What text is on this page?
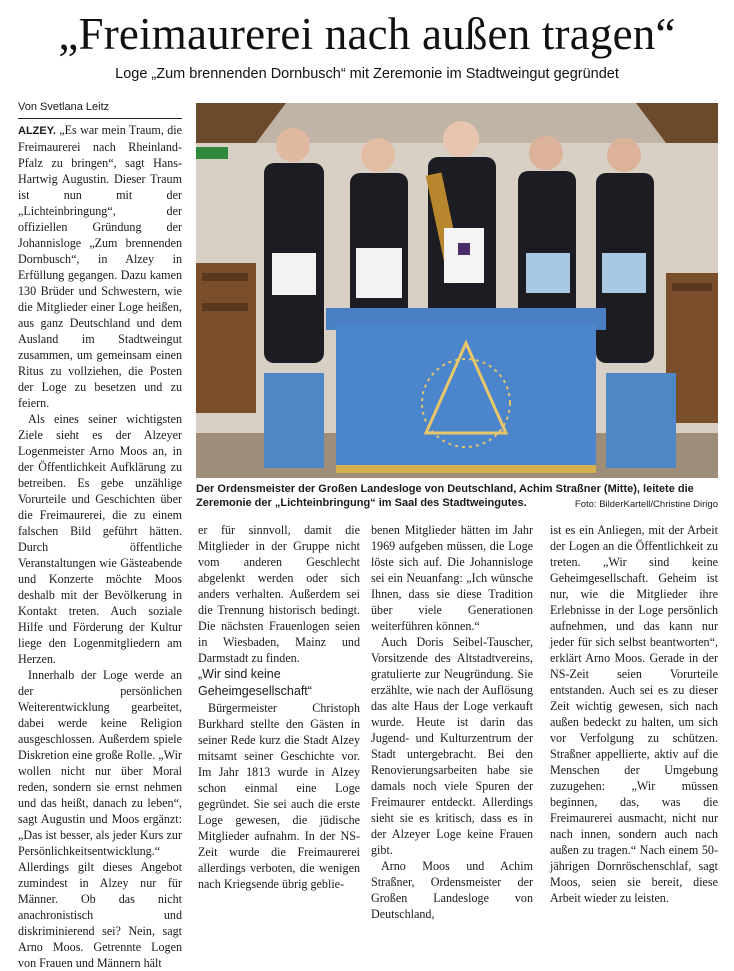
„Freimaurerei nach außen tragen“
Loge „Zum brennenden Dornbusch“ mit Zeremonie im Stadtweingut gegründet
Von Svetlana Leitz

ALZEY. „Es war mein Traum, die Freimaurerei nach Rheinland-Pfalz zu bringen“, sagt Hans-Hartwig Augustin. Dieser Traum ist nun mit der „Lichteinbringung“, der offiziellen Gründung der Johannisloge „Zum brennenden Dornbusch“, in Alzey in Erfüllung gegangen. Dazu kamen 130 Brüder und Schwestern, wie die Mitglieder einer Loge heißen, aus ganz Deutschland und dem Ausland im Stadtweingut zusammen, um gemeinsam einen Ritus zu vollziehen, die Posten der Loge zu besetzen und zu feiern.

Als eines seiner wichtigsten Ziele sieht es der Alzeyer Logenmeister Arno Moos an, in der Öffentlichkeit Aufklärung zu betreiben. Es gebe unzählige Vorurteile und Geschichten über die Freimaurerei, die zu einem falschen Bild geführt hätten. Durch öffentliche Veranstaltungen wie Gästeabende und Konzerte möchte Moos deshalb mit der Bevölkerung in Kontakt treten. Auch soziale Hilfe und Förderung der Kultur liege den Logenmitgliedern am Herzen.

Innerhalb der Loge werde an der persönlichen Weiterentwicklung gearbeitet, dabei werde keine Religion ausgeschlossen. Außerdem spiele Diskretion eine große Rolle. „Wir wollen nicht nur über Moral reden, sondern sie ernst nehmen und das heißt, danach zu leben“, sagt Augustin und Moos ergänzt: „Das ist besser, als jeder Kurs zur Persönlichkeitsentwicklung.“ Allerdings gilt dieses Angebot zumindest in Alzey nur für Männer. Ob das nicht anachronistisch und diskriminierend sei? Nein, sagt Arno Moos. Getrennte Logen von Frauen und Männern hält

Der Ordensmeister der Großen Landesloge von Deutschland, Achim Straßner (Mitte), leitete die Zeremonie der „Lichteinbringung“ im Saal des Stadtweingutes.	Foto: BilderKartell/Christine Dirigo

er für sinnvoll, damit die Mitglieder in der Gruppe nicht vom anderen Geschlecht abgelenkt werden oder sich anders verhalten. Außerdem sei die Trennung historisch bedingt. Die nächsten Frauenlogen seien in Wiesbaden, Mainz und Darmstadt zu finden.

„Wir sind keine Geheimgesellschaft“

Bürgermeister Christoph Burkhard stellte den Gästen in seiner Rede kurz die Stadt Alzey mitsamt seiner Geschichte vor. Im Jahr 1813 wurde in Alzey schon einmal eine Loge gegründet. Sie sei auch die erste Loge gewesen, die jüdische Mitglieder aufnahm. In der NS-Zeit wurde die Freimaurerei allerdings verboten, die wenigen nach Kriegsende übrig geblie-

benen Mitglieder hätten im Jahr 1969 aufgeben müssen, die Loge löste sich auf. Die Johannisloge sei ein Neuanfang: „Ich wünsche Ihnen, dass sie diese Tradition über viele Generationen weiterführen können.“

Auch Doris Seibel-Tauscher, Vorsitzende des Altstadtvereins, gratulierte zur Neugründung. Sie erzählte, wie nach der Auflösung das alte Haus der Loge verkauft wurde. Heute ist darin das Jugend- und Kulturzentrum der Stadt untergebracht. Bei den Renovierungsarbeiten habe sie damals noch viele Spuren der Freimaurer entdeckt. Allerdings sieht sie es kritisch, dass es in der Alzeyer Loge keine Frauen gibt.

Arno Moos und Achim Straßner, Ordensmeister der Großen Landesloge von Deutschland,

ist es ein Anliegen, mit der Arbeit der Logen an die Öffentlichkeit zu treten. „Wir sind keine Geheimgesellschaft. Geheim ist nur, wie die Mitglieder ihre Erlebnisse in der Loge persönlich aufnehmen, und das kann nur jeder für sich selbst beantworten“, erklärt Arno Moos. Gerade in der NS-Zeit seien Vorurteile entstanden. Auch sei es zu dieser Zeit wichtig gewesen, sich nach außen bedeckt zu halten, um sich vor Verfolgung zu schützen. Straßner appellierte, aktiv auf die Menschen der Umgebung zuzugehen: „Wir müssen beginnen, das, was die Freimaurerei ausmacht, nicht nur nach innen, sondern auch nach außen zu tragen.“ Nach einem 50-jährigen Dornröschenschlaf, sagt Moos, seien sie bereit, diese Arbeit wieder zu leisten.
